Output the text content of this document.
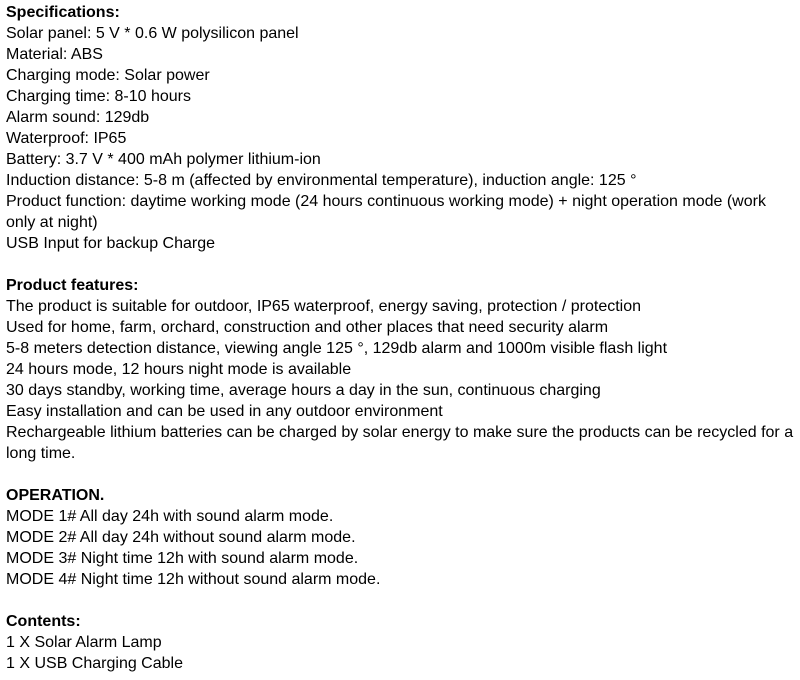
Specifications:

Solar panel: 5 V * 0.6 W polysilicon panel

Material: ABS

Charging mode: Solar power

Charging time: 8-10 hours

Alarm sound: 129db

Waterproof: IP65

Battery: 3.7 V * 400 mAh polymer lithium-ion

Induction distance: 5-8 m (affected by environmental temperature), induction angle: 125 °

Product function: daytime working mode (24 hours continuous working mode) + night operation mode (work only at night)

USB Input for backup Charge

Product features:

The product is suitable for outdoor, IP65 waterproof, energy saving, protection / protection

Used for home, farm, orchard, construction and other places that need security alarm

5-8 meters detection distance, viewing angle 125 °, 129db alarm and 1000m visible flash light

24 hours mode, 12 hours night mode is available

30 days standby, working time, average hours a day in the sun, continuous charging

Easy installation and can be used in any outdoor environment

Rechargeable lithium batteries can be charged by solar energy to make sure the products can be recycled for a long time.

OPERATION.

MODE 1# All day 24h with sound alarm mode.

MODE 2# All day 24h without sound alarm mode.

MODE 3# Night time 12h with sound alarm mode.

MODE 4# Night time 12h without sound alarm mode.

Contents:

1 X Solar Alarm Lamp

1 X USB Charging Cable
